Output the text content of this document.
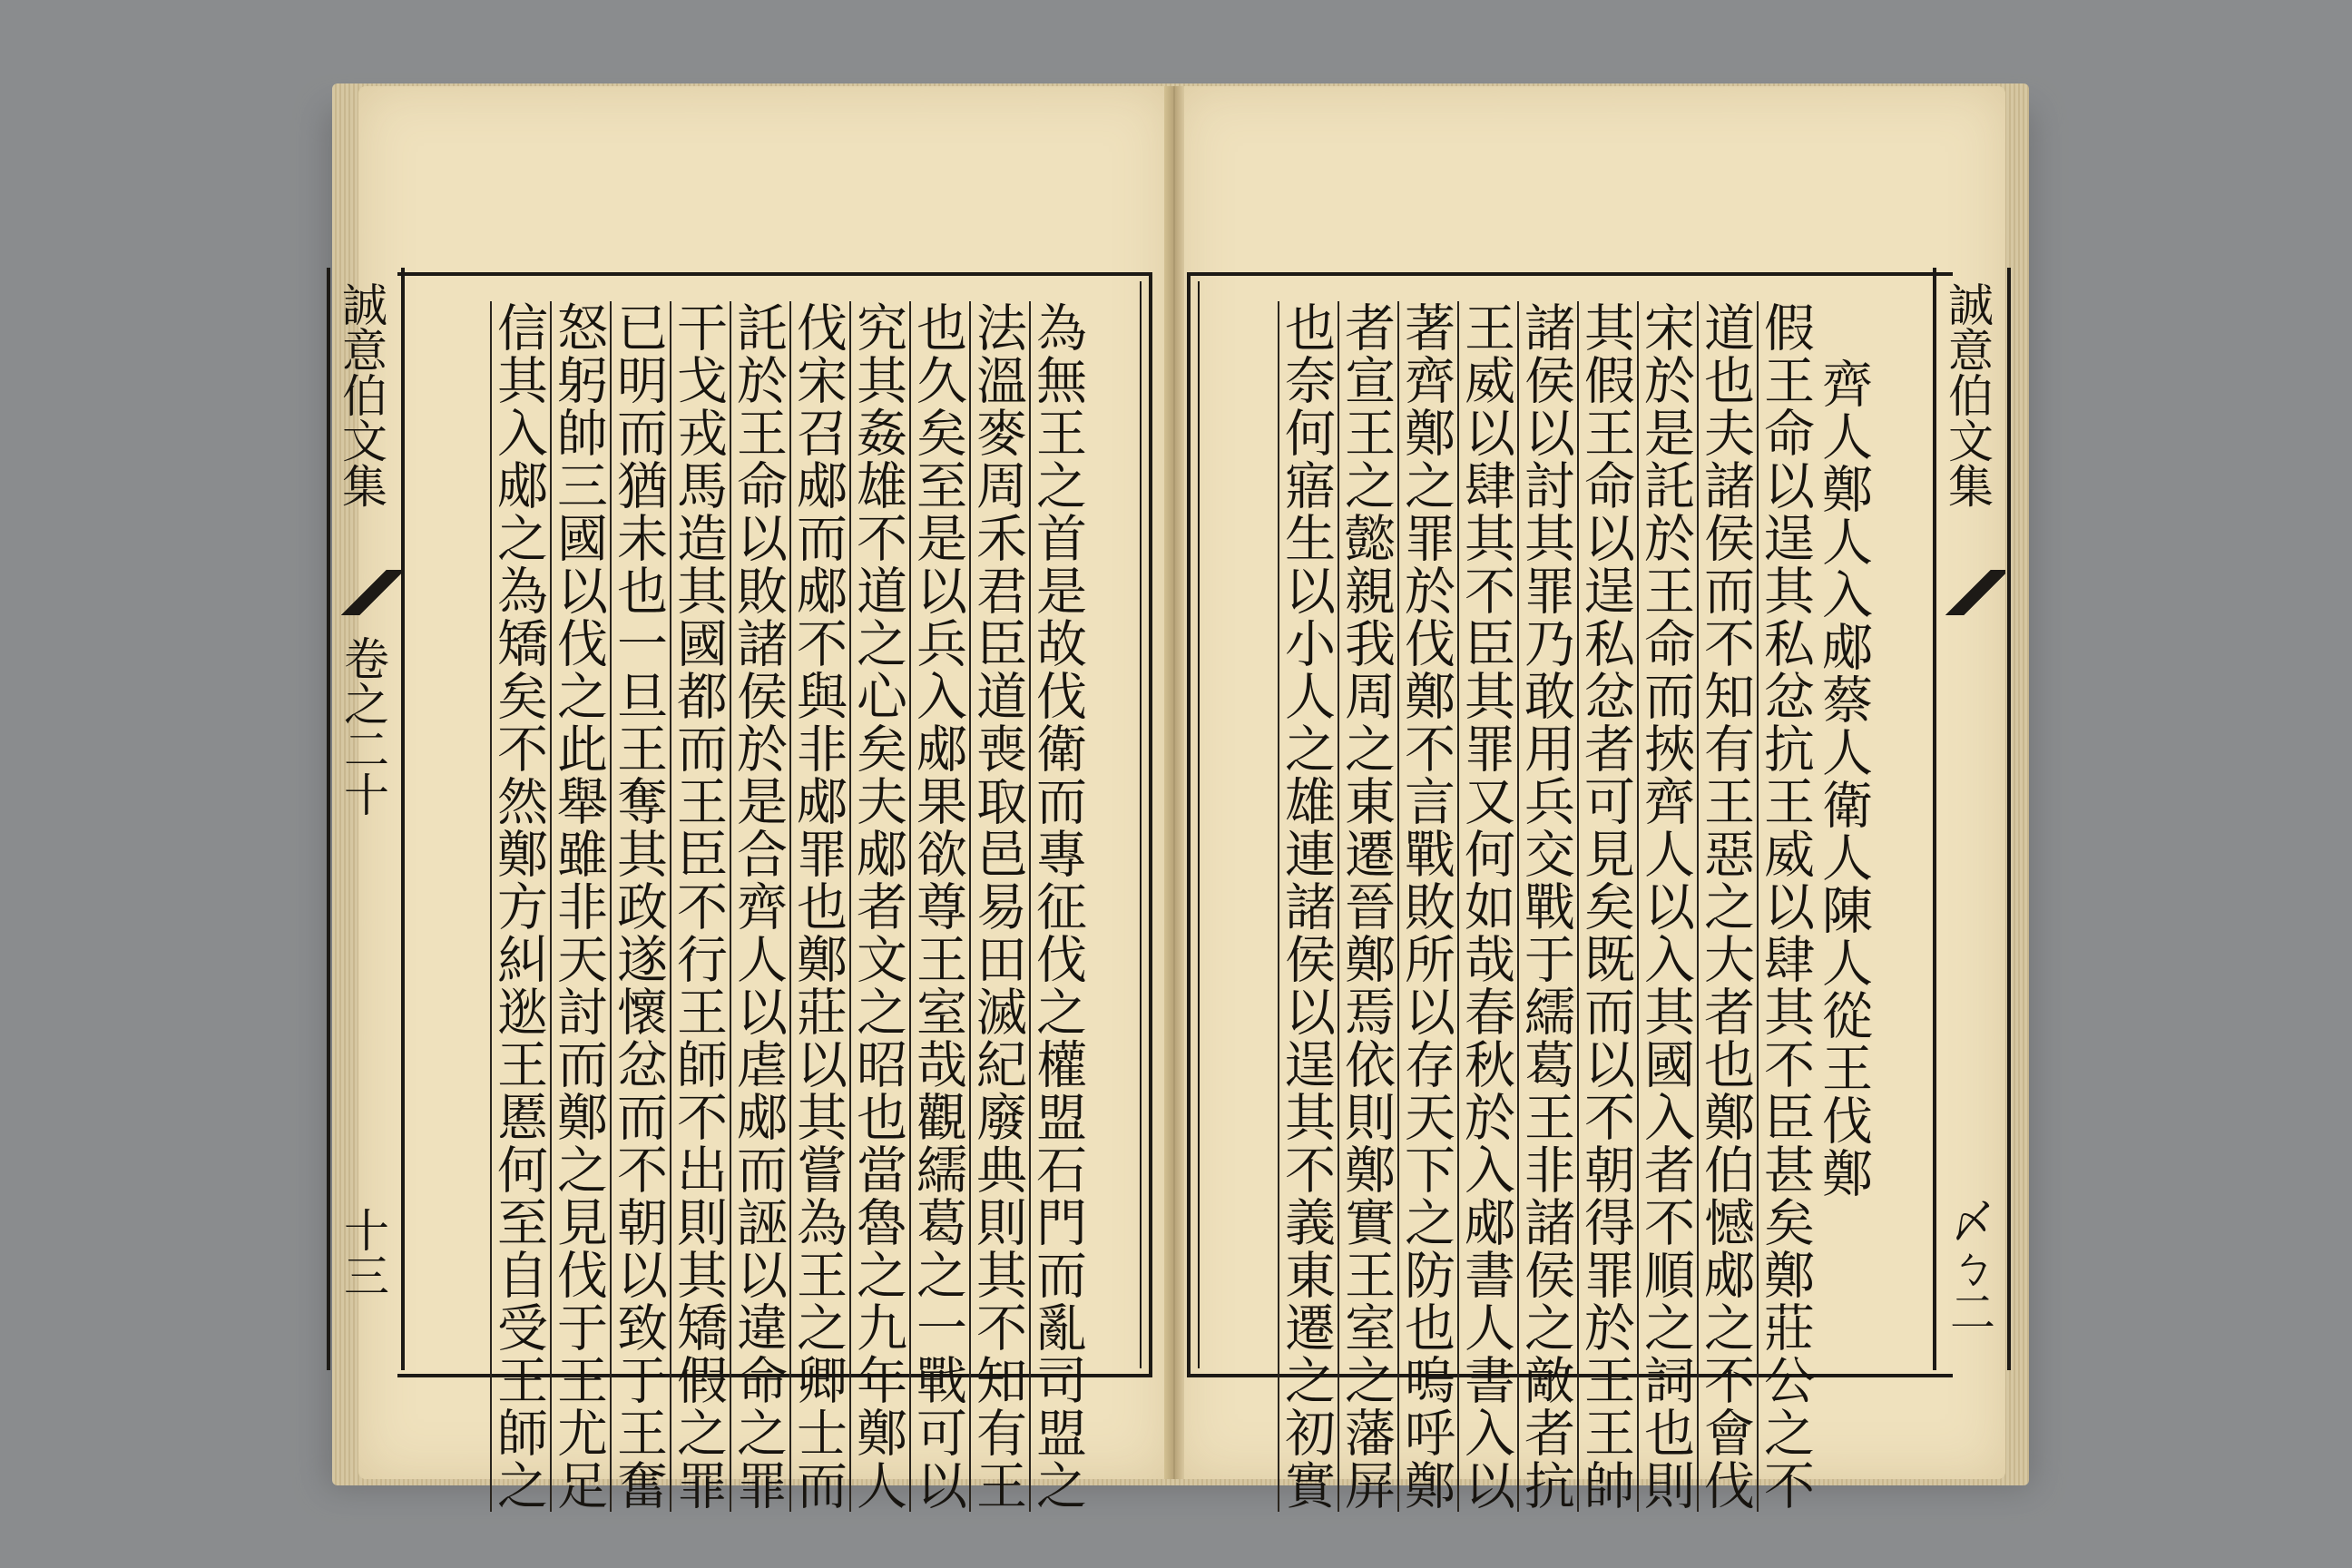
為無王之首是故伐衛而專征伐之權盟石門而亂司盟之
法溫麥周禾君臣道喪取邑易田滅紀廢典則其不知有王
也久矣至是以兵入郕果欲尊王室哉觀繻葛之一戰可以
究其姦雄不道之心矣夫郕者文之昭也當魯之九年鄭人
伐宋召郕而郕不與非郕罪也鄭莊以其嘗為王之卿士而
託於王命以敗諸侯於是合齊人以虐郕而誣以違命之罪
干戈戎馬造其國都而王臣不行王師不出則其矯假之罪
已明而猶未也一旦王奪其政遂懷忿而不朝以致于王奮
怒躬帥三國以伐之此舉雖非天討而鄭之見伐于王尤足
信其入郕之為矯矣不然鄭方糾逖王慝何至自受王師之
誠意伯文集
卷之二十
十三
齊人鄭人入郕蔡人衛人陳人從王伐鄭
假王命以逞其私忿抗王威以肆其不臣甚矣鄭莊公之不
道也夫諸侯而不知有王惡之大者也鄭伯憾郕之不會伐
宋於是託於王命而挾齊人以入其國入者不順之詞也則
其假王命以逞私忿者可見矣既而以不朝得罪於王王帥
諸侯以討其罪乃敢用兵交戰于繻葛王非諸侯之敵者抗
王威以肆其不臣其罪又何如哉春秋於入郕書人書入以
著齊鄭之罪於伐鄭不言戰敗所以存天下之防也嗚呼鄭
者宣王之懿親我周之東遷晉鄭焉依則鄭實王室之藩屏
也奈何寤生以小人之雄連諸侯以逞其不義東遷之初實	誠意伯文集
〆ㄅ二
